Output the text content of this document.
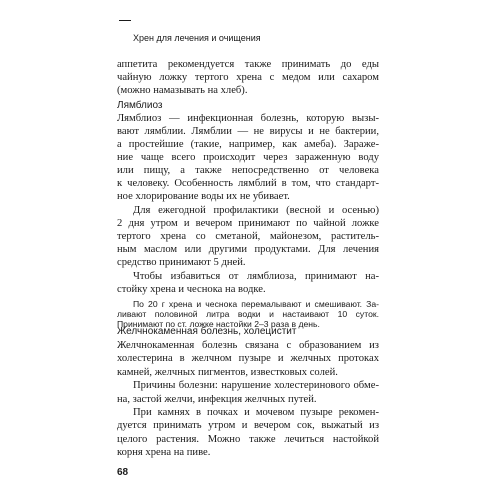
Хрен для лечения и очищения
аппетита рекомендуется также принимать до еды
чайную ложку тертого хрена с медом или сахаром
(можно намазывать на хлеб).
Лямблиоз
Лямблиоз — инфекционная болезнь, которую вызы-
вают лямблии. Лямблии — не вирусы и не бактерии,
а простейшие (такие, например, как амеба). Зараже-
ние чаще всего происходит через зараженную воду
или пищу, а также непосредственно от человека
к человеку. Особенность лямблий в том, что стандарт-
ное хлорирование воды их не убивает.
Для ежегодной профилактики (весной и осенью)
2 дня утром и вечером принимают по чайной ложке
тертого хрена со сметаной, майонезом, раститель-
ным маслом или другими продуктами. Для лечения
средство принимают 5 дней.
Чтобы избавиться от лямблиоза, принимают на-
стойку хрена и чеснока на водке.
По 20 г хрена и чеснока перемалывают и смешивают. За-
ливают половиной литра водки и настаивают 10 суток.
Принимают по ст. ложке настойки 2–3 раза в день.
Желчнокаменная болезнь, холецистит
Желчнокаменная болезнь связана с образованием из
холестерина в желчном пузыре и желчных протоках
камней, желчных пигментов, известковых солей.
Причины болезни: нарушение холестеринового обме-
на, застой желчи, инфекция желчных путей.
При камнях в почках и мочевом пузыре рекомен-
дуется принимать утром и вечером сок, выжатый из
целого растения. Можно также лечиться настойкой
корня хрена на пиве.
68
